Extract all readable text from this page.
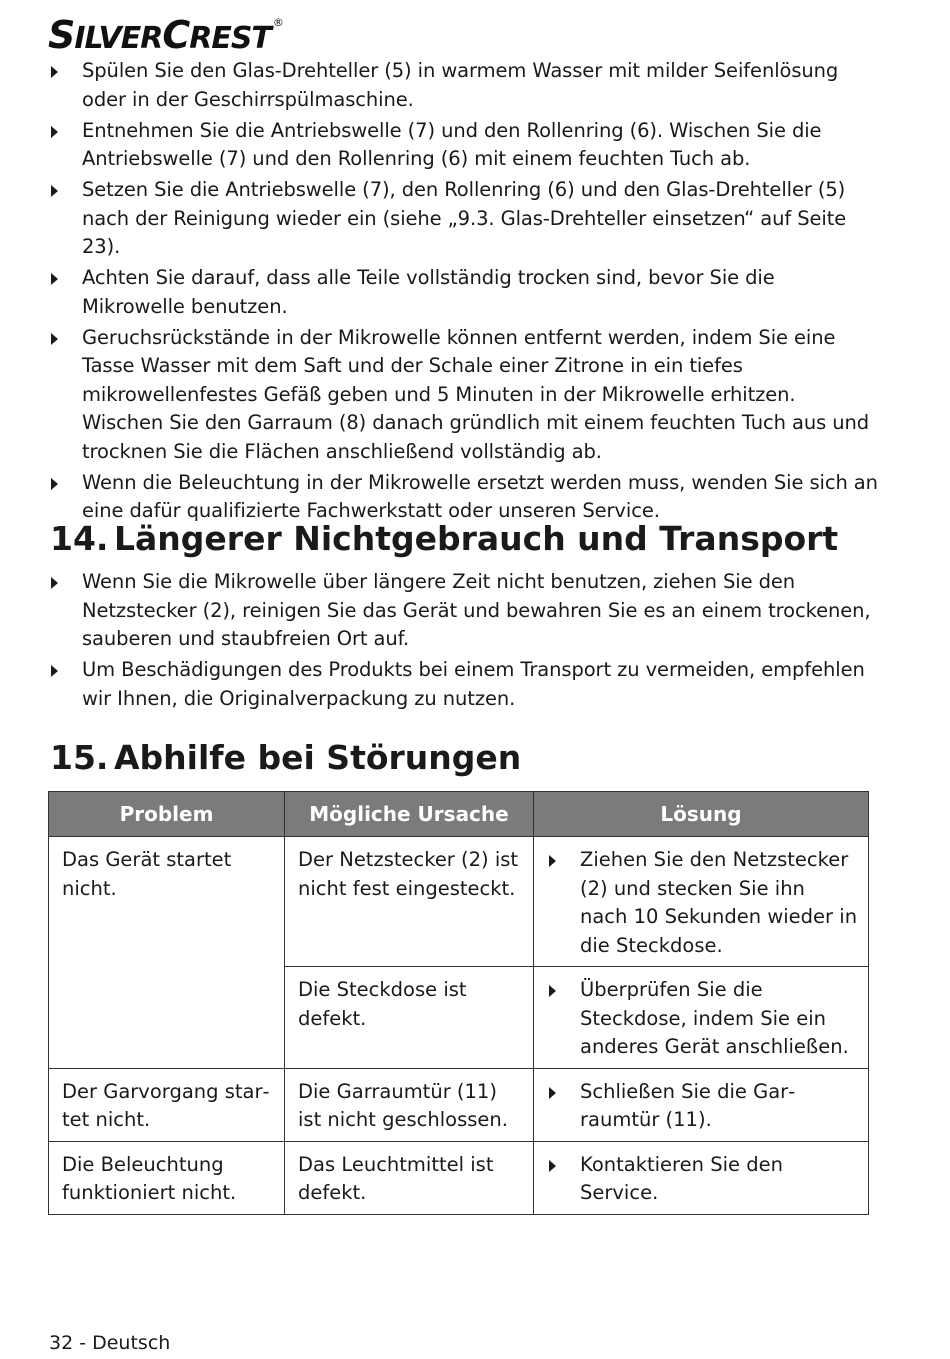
SILVERCREST ®
Spülen Sie den Glas-Drehteller (5) in warmem Wasser mit milder Seifenlösung oder in der Geschirrspülmaschine.
Entnehmen Sie die Antriebswelle (7) und den Rollenring (6). Wischen Sie die Antriebswelle (7) und den Rollenring (6) mit einem feuchten Tuch ab.
Setzen Sie die Antriebswelle (7), den Rollenring (6) und den Glas-Drehteller (5) nach der Reinigung wieder ein (siehe „9.3. Glas-Drehteller einsetzen“ auf Seite 23).
Achten Sie darauf, dass alle Teile vollständig trocken sind, bevor Sie die Mikrowelle benutzen.
Geruchsrückstände in der Mikrowelle können entfernt werden, indem Sie eine Tasse Wasser mit dem Saft und der Schale einer Zitrone in ein tiefes mikrowellenfestes Gefäß geben und 5 Minuten in der Mikrowelle erhitzen. Wischen Sie den Garraum (8) danach gründlich mit einem feuchten Tuch aus und trocknen Sie die Flächen anschließend vollständig ab.
Wenn die Beleuchtung in der Mikrowelle ersetzt werden muss, wenden Sie sich an eine dafür qualifizierte Fachwerkstatt oder unseren Service.
14. Längerer Nichtgebrauch und Transport
Wenn Sie die Mikrowelle über längere Zeit nicht benutzen, ziehen Sie den Netzstecker (2), reinigen Sie das Gerät und bewahren Sie es an einem trockenen, sauberen und staubfreien Ort auf.
Um Beschädigungen des Produkts bei einem Transport zu vermeiden, empfehlen wir Ihnen, die Originalverpackung zu nutzen.
15. Abhilfe bei Störungen
Problem	Mögliche Ursache	Lösung
Das Gerät startet nicht.	Der Netzstecker (2) ist nicht fest eingesteckt.	Ziehen Sie den Netzstecker (2) und stecken Sie ihn nach 10 Sekunden wieder in die Steckdose.
	Die Steckdose ist defekt.	Überprüfen Sie die Steckdose, indem Sie ein anderes Gerät anschließen.
Der Garvorgang startet nicht.	Die Garraumtür (11) ist nicht geschlossen.	Schließen Sie die Garraumtür (11).
Die Beleuchtung funktioniert nicht.	Das Leuchtmittel ist defekt.	Kontaktieren Sie den Service.
32 - Deutsch
